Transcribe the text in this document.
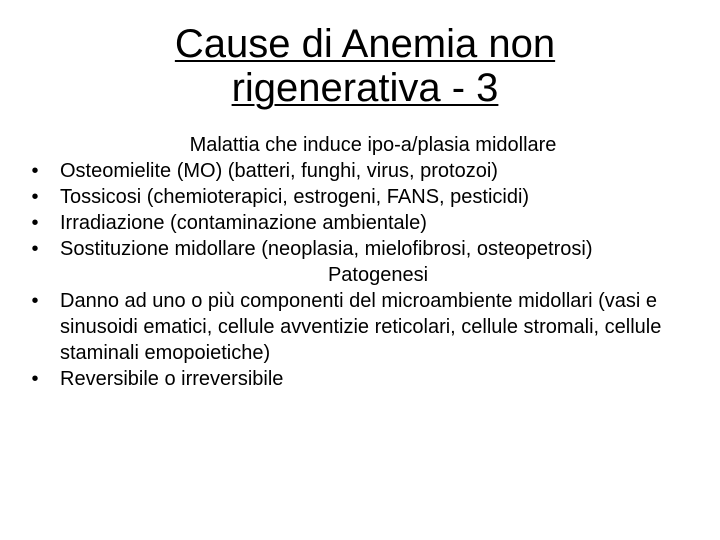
Cause di Anemia non
rigenerativa - 3
Malattia che induce ipo-a/plasia midollare
• Osteomielite (MO) (batteri, funghi, virus, protozoi)
• Tossicosi (chemioterapici, estrogeni, FANS, pesticidi)
• Irradiazione (contaminazione ambientale)
• Sostituzione midollare (neoplasia, mielofibrosi, osteopetrosi)
Patogenesi
• Danno ad uno o più componenti del microambiente midollari (vasi e sinusoidi ematici, cellule avventizie reticolari, cellule stromali, cellule staminali emopoietiche)
• Reversibile o irreversibile
